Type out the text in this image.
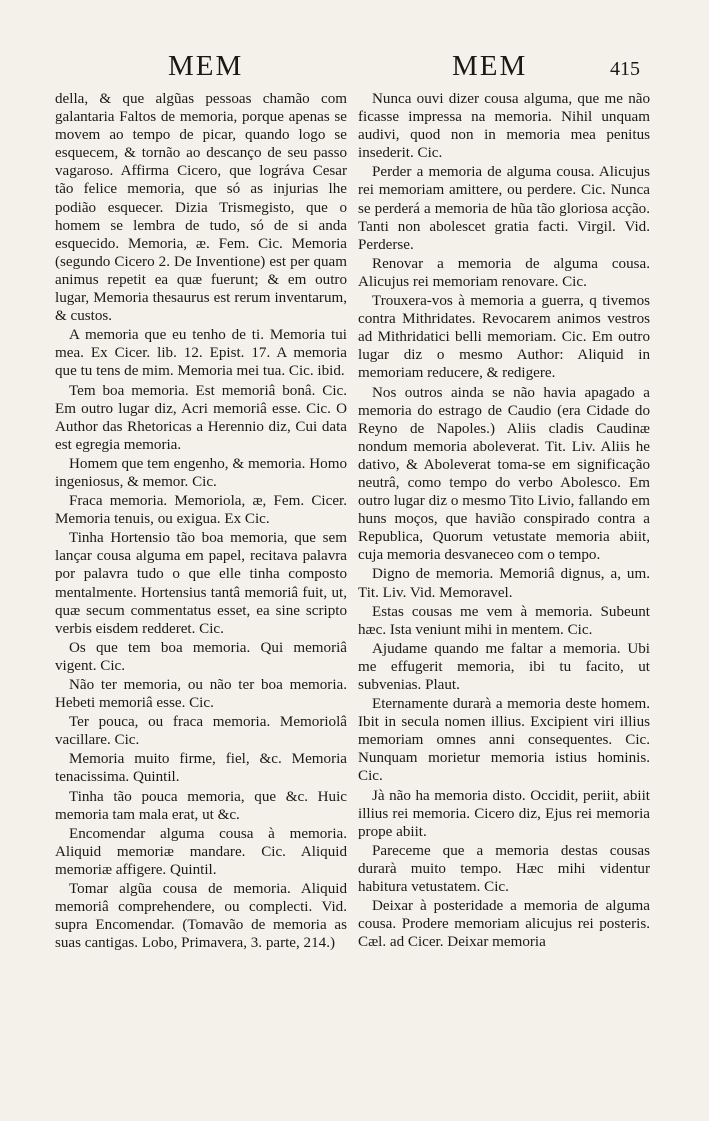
MEM	MEM	415

della, & que algũas pessoas chamão com galantaria Faltos de memoria, porque apenas se movem ao tempo de picar, quando logo se esquecem, & tornão ao descanço de seu passo vagaroso. Affirma Cicero, que lográva Cesar tão felice memoria, que só as injurias lhe podião esquecer. Dizia Trismegisto, que o homem se lembra de tudo, só de si anda esquecido. Memoria, æ. Fem. Cic. Memoria (segundo Cicero 2. De Inventione) est per quam animus repetit ea quæ fuerunt; & em outro lugar, Memoria thesaurus est rerum inventarum, & custos.

A memoria que eu tenho de ti. Memoria tui mea. Ex Cicer. lib. 12. Epist. 17. A memoria que tu tens de mim. Memoria mei tua. Cic. ibid.

Tem boa memoria. Est memoriâ bonâ. Cic. Em outro lugar diz, Acri memoriâ esse. Cic. O Author das Rhetoricas a Herennio diz, Cui data est egregia memoria.

Homem que tem engenho, & memoria. Homo ingeniosus, & memor. Cic.

Fraca memoria. Memoriola, æ, Fem. Cicer. Memoria tenuis, ou exigua. Ex Cic.

Tinha Hortensio tão boa memoria, que sem lançar cousa alguma em papel, recitava palavra por palavra tudo o que elle tinha composto mentalmente. Hortensius tantâ memoriâ fuit, ut, quæ secum commentatus esset, ea sine scripto verbis eisdem redderet. Cic.

Os que tem boa memoria. Qui memoriâ vigent. Cic.

Não ter memoria, ou não ter boa memoria. Hebeti memoriâ esse. Cic.

Ter pouca, ou fraca memoria. Memoriolâ vacillare. Cic.

Memoria muito firme, fiel, &c. Memoria tenacissima. Quintil.

Tinha tão pouca memoria, que &c. Huic memoria tam mala erat, ut &c.

Encomendar alguma cousa à memoria. Aliquid memoriæ mandare. Cic. Aliquid memoriæ affigere. Quintil.

Tomar algũa cousa de memoria. Aliquid memoriâ comprehendere, ou complecti. Vid. supra Encomendar. (Tomavão de memoria as suas cantigas. Lobo, Primavera, 3. parte, 214.)

Nunca ouvi dizer cousa alguma, que me não ficasse impressa na memoria. Nihil unquam audivi, quod non in memoria mea penitus insederit. Cic.

Perder a memoria de alguma cousa. Alicujus rei memoriam amittere, ou perdere. Cic. Nunca se perderá a memoria de hũa tão gloriosa acção. Tanti non abolescet gratia facti. Virgil. Vid. Perderse.

Renovar a memoria de alguma cousa. Alicujus rei memoriam renovare. Cic.

Trouxera-vos à memoria a guerra, q tivemos contra Mithridates. Revocarem animos vestros ad Mithridatici belli memoriam. Cic. Em outro lugar diz o mesmo Author: Aliquid in memoriam reducere, & redigere.

Nos outros ainda se não havia apagado a memoria do estrago de Caudio (era Cidade do Reyno de Napoles.) Aliis cladis Caudinæ nondum memoria aboleverat. Tit. Liv. Aliis he dativo, & Aboleverat toma-se em significação neutrâ, como tempo do verbo Abolesco. Em outro lugar diz o mesmo Tito Livio, fallando em huns moços, que havião conspirado contra a Republica, Quorum vetustate memoria abiit, cuja memoria desvaneceo com o tempo.

Digno de memoria. Memoriâ dignus, a, um. Tit. Liv. Vid. Memoravel.

Estas cousas me vem à memoria. Subeunt hæc. Ista veniunt mihi in mentem. Cic.

Ajudame quando me faltar a memoria. Ubi me effugerit memoria, ibi tu facito, ut subvenias. Plaut.

Eternamente durarà a memoria deste homem. Ibit in secula nomen illius. Excipient viri illius memoriam omnes anni consequentes. Cic. Nunquam morietur memoria istius hominis. Cic.

Jà não ha memoria disto. Occidit, periit, abiit illius rei memoria. Cicero diz, Ejus rei memoria prope abiit.

Pareceme que a memoria destas cousas durarà muito tempo. Hæc mihi videntur habitura vetustatem. Cic.

Deixar à posteridade a memoria de alguma cousa. Prodere memoriam alicujus rei posteris. Cæl. ad Cicer. Deixar memoria
